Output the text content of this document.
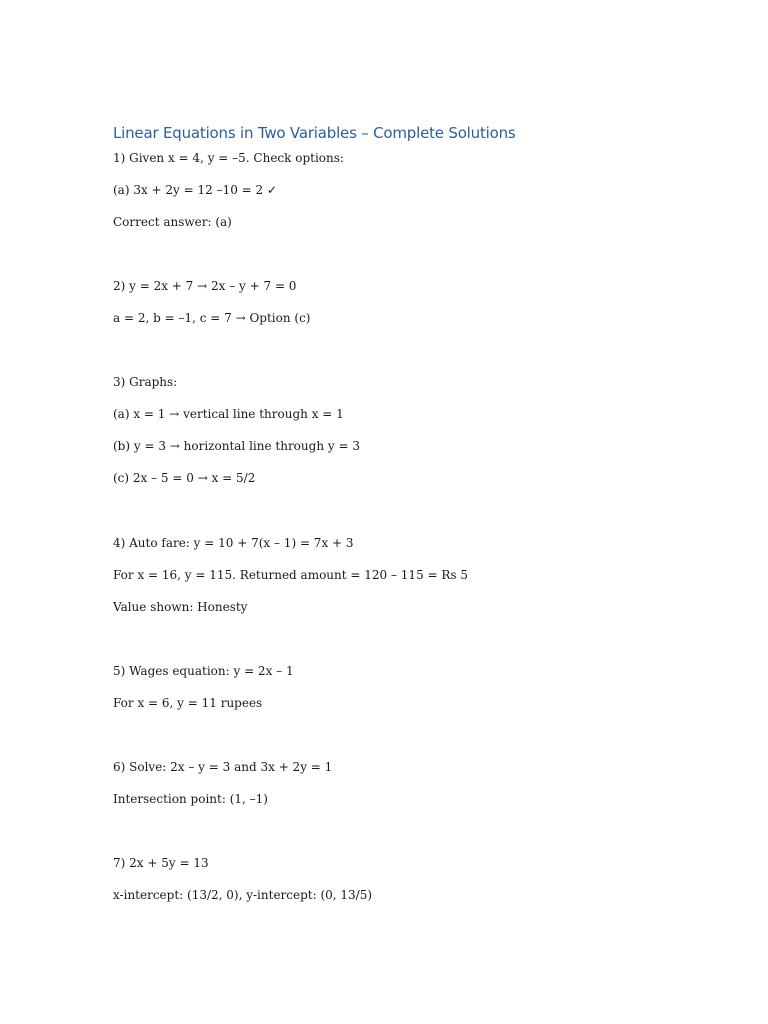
Linear Equations in Two Variables – Complete Solutions
1) Given x = 4, y = –5. Check options:
(a) 3x + 2y = 12 –10 = 2 ✓
Correct answer: (a)
2) y = 2x + 7 → 2x – y + 7 = 0
a = 2, b = –1, c = 7 → Option (c)
3) Graphs:
(a) x = 1 → vertical line through x = 1
(b) y = 3 → horizontal line through y = 3
(c) 2x – 5 = 0 → x = 5/2
4) Auto fare: y = 10 + 7(x – 1) = 7x + 3
For x = 16, y = 115. Returned amount = 120 – 115 = Rs 5
Value shown: Honesty
5) Wages equation: y = 2x – 1
For x = 6, y = 11 rupees
6) Solve: 2x – y = 3 and 3x + 2y = 1
Intersection point: (1, –1)
7) 2x + 5y = 13
x-intercept: (13/2, 0), y-intercept: (0, 13/5)
